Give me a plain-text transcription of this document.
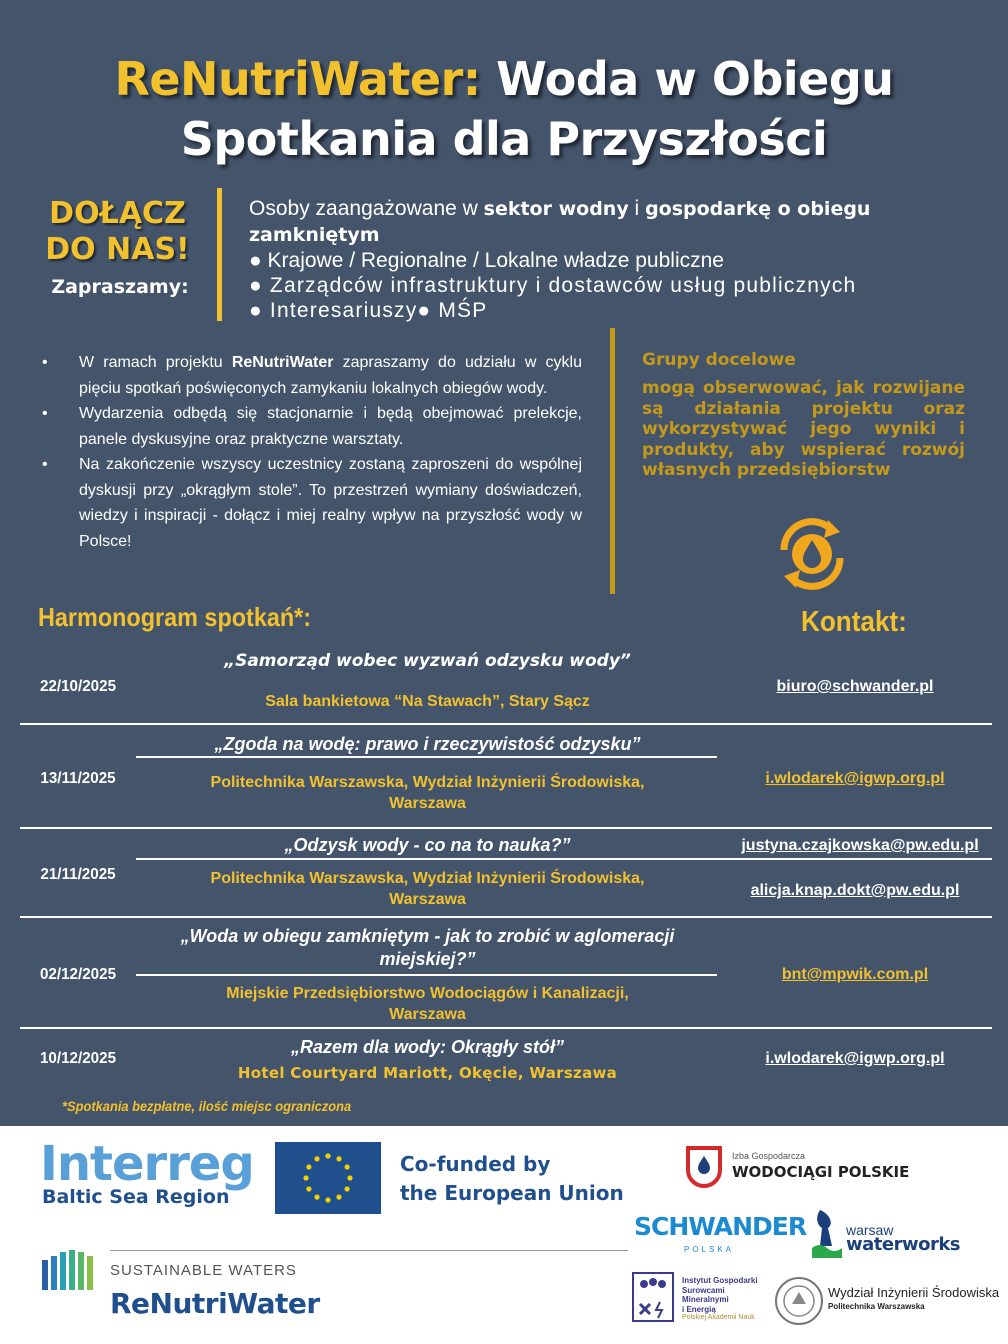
ReNutriWater: Woda w Obiegu
Spotkania dla Przyszłości
DOŁĄCZ
DO NAS!
Zapraszamy:
Osoby zaangażowane w sektor wodny i gospodarkę o obiegu zamkniętym
● Krajowe / Regionalne / Lokalne władze publiczne
● Zarządców infrastruktury i dostawców usług publicznych
● Interesariuszy● MŚP
• W ramach projektu ReNutriWater zapraszamy do udziału w cyklu pięciu spotkań poświęconych zamykaniu lokalnych obiegów wody.
• Wydarzenia odbędą się stacjonarnie i będą obejmować prelekcje, panele dyskusyjne oraz praktyczne warsztaty.
• Na zakończenie wszyscy uczestnicy zostaną zaproszeni do wspólnej dyskusji przy „okrągłym stole”. To przestrzeń wymiany doświadczeń, wiedzy i inspiracji - dołącz i miej realny wpływ na przyszłość wody w Polsce!
Grupy docelowe
mogą obserwować, jak rozwijane są działania projektu oraz wykorzystywać jego wyniki i produkty, aby wspierać rozwój własnych przedsiębiorstw
Harmonogram spotkań*:	Kontakt:
22/10/2025
„Samorząd wobec wyzwań odzysku wody”
Sala bankietowa “Na Stawach”, Stary Sącz
biuro@schwander.pl
13/11/2025
„Zgoda na wodę: prawo i rzeczywistość odzysku”
Politechnika Warszawska, Wydział Inżynierii Środowiska,
Warszawa
i.wlodarek@igwp.org.pl
21/11/2025
„Odzysk wody - co na to nauka?”
Politechnika Warszawska, Wydział Inżynierii Środowiska,
Warszawa
justyna.czajkowska@pw.edu.pl
alicja.knap.dokt@pw.edu.pl
02/12/2025
„Woda w obiegu zamkniętym - jak to zrobić w aglomeracji
miejskiej?”
Miejskie Przedsiębiorstwo Wodociągów i Kanalizacji,
Warszawa
bnt@mpwik.com.pl
10/12/2025
„Razem dla wody: Okrągły stół”
Hotel Courtyard Mariott, Okęcie, Warszawa
i.wlodarek@igwp.org.pl
*Spotkania bezpłatne, ilość miejsc ograniczona
Interreg
Baltic Sea Region
Co-funded by
the European Union
Izba Gospodarcza
WODOCIĄGI POLSKIE
SCHWANDER
POLSKA
warsaw
waterworks
SUSTAINABLE WATERS
ReNutriWater
Instytut Gospodarki
Surowcami Mineralnymi
i Energią
Polskiej Akademii Nauk
Wydział Inżynierii Środowiska
Politechnika Warszawska
